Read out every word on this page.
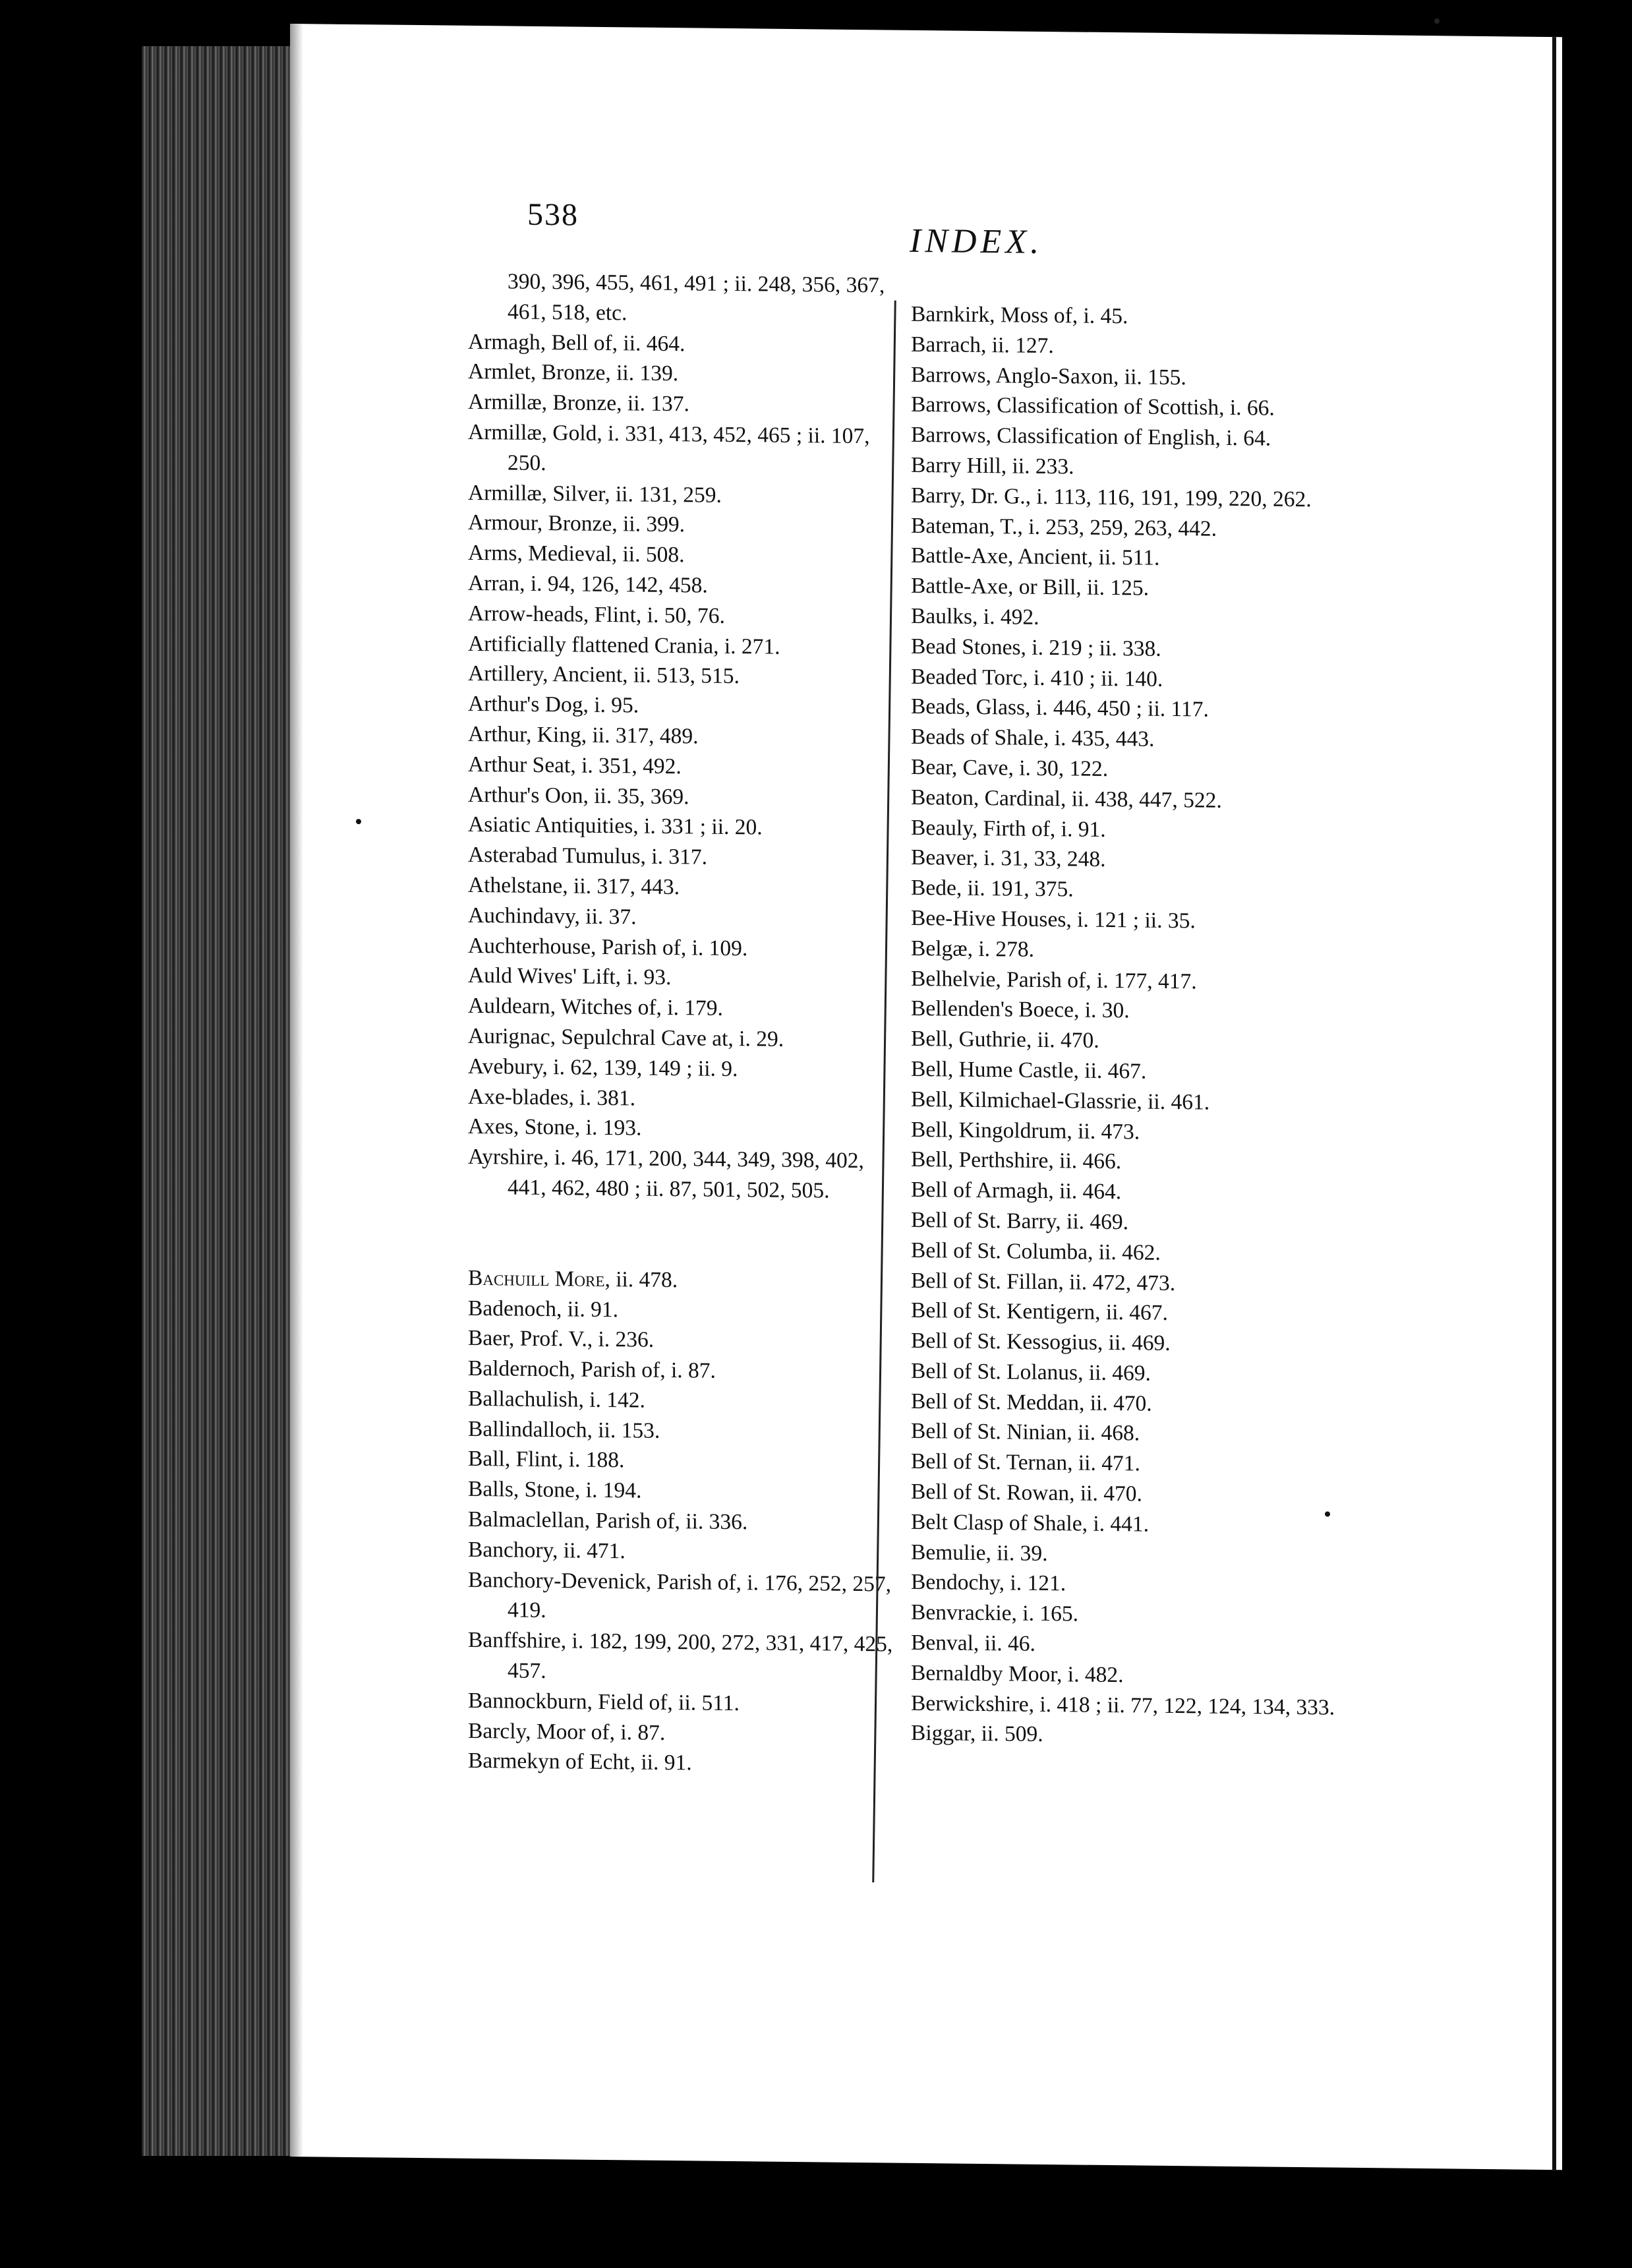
•
538
INDEX.

390, 396, 455, 461, 491 ; ii. 248, 356, 367, 461, 518, etc.

Armagh, Bell of, ii. 464.

Armlet, Bronze, ii. 139.

Armillæ, Bronze, ii. 137.

Armillæ, Gold, i. 331, 413, 452, 465 ; ii. 107, 250.

Armillæ, Silver, ii. 131, 259.

Armour, Bronze, ii. 399.

Arms, Medieval, ii. 508.

Arran, i. 94, 126, 142, 458.

Arrow-heads, Flint, i. 50, 76.

Artificially flattened Crania, i. 271.

Artillery, Ancient, ii. 513, 515.

Arthur's Dog, i. 95.

Arthur, King, ii. 317, 489.

Arthur Seat, i. 351, 492.

Arthur's Oon, ii. 35, 369.

Asiatic Antiquities, i. 331 ; ii. 20.

Asterabad Tumulus, i. 317.

Athelstane, ii. 317, 443.

Auchindavy, ii. 37.

Auchterhouse, Parish of, i. 109.

Auld Wives' Lift, i. 93.

Auldearn, Witches of, i. 179.

Aurignac, Sepulchral Cave at, i. 29.

Avebury, i. 62, 139, 149 ; ii. 9.

Axe-blades, i. 381.

Axes, Stone, i. 193.

Ayrshire, i. 46, 171, 200, 344, 349, 398, 402, 441, 462, 480 ; ii. 87, 501, 502, 505.

Bachuill More, ii. 478.

Badenoch, ii. 91.

Baer, Prof. V., i. 236.

Baldernoch, Parish of, i. 87.

Ballachulish, i. 142.

Ballindalloch, ii. 153.

Ball, Flint, i. 188.

Balls, Stone, i. 194.

Balmaclellan, Parish of, ii. 336.

Banchory, ii. 471.

Banchory-Devenick, Parish of, i. 176, 252, 257, 419.

Banffshire, i. 182, 199, 200, 272, 331, 417, 425, 457.

Bannockburn, Field of, ii. 511.

Barcly, Moor of, i. 87.

Barmekyn of Echt, ii. 91.

Barnkirk, Moss of, i. 45.

Barrach, ii. 127.

Barrows, Anglo-Saxon, ii. 155.

Barrows, Classification of Scottish, i. 66.

Barrows, Classification of English, i. 64.

Barry Hill, ii. 233.

Barry, Dr. G., i. 113, 116, 191, 199, 220, 262.

Bateman, T., i. 253, 259, 263, 442.

Battle-Axe, Ancient, ii. 511.

Battle-Axe, or Bill, ii. 125.

Baulks, i. 492.

Bead Stones, i. 219 ; ii. 338.

Beaded Torc, i. 410 ; ii. 140.

Beads, Glass, i. 446, 450 ; ii. 117.

Beads of Shale, i. 435, 443.

Bear, Cave, i. 30, 122.

Beaton, Cardinal, ii. 438, 447, 522.

Beauly, Firth of, i. 91.

Beaver, i. 31, 33, 248.

Bede, ii. 191, 375.

Bee-Hive Houses, i. 121 ; ii. 35.

Belgæ, i. 278.

Belhelvie, Parish of, i. 177, 417.

Bellenden's Boece, i. 30.

Bell, Guthrie, ii. 470.

Bell, Hume Castle, ii. 467.

Bell, Kilmichael-Glassrie, ii. 461.

Bell, Kingoldrum, ii. 473.

Bell, Perthshire, ii. 466.

Bell of Armagh, ii. 464.

Bell of St. Barry, ii. 469.

Bell of St. Columba, ii. 462.

Bell of St. Fillan, ii. 472, 473.

Bell of St. Kentigern, ii. 467.

Bell of St. Kessogius, ii. 469.

Bell of St. Lolanus, ii. 469.

Bell of St. Meddan, ii. 470.

Bell of St. Ninian, ii. 468.

Bell of St. Ternan, ii. 471.

Bell of St. Rowan, ii. 470.

Belt Clasp of Shale, i. 441.

Bemulie, ii. 39.

Bendochy, i. 121.

Benvrackie, i. 165.

Benval, ii. 46.

Bernaldby Moor, i. 482.

Berwickshire, i. 418 ; ii. 77, 122, 124, 134, 333.

Biggar, ii. 509.
